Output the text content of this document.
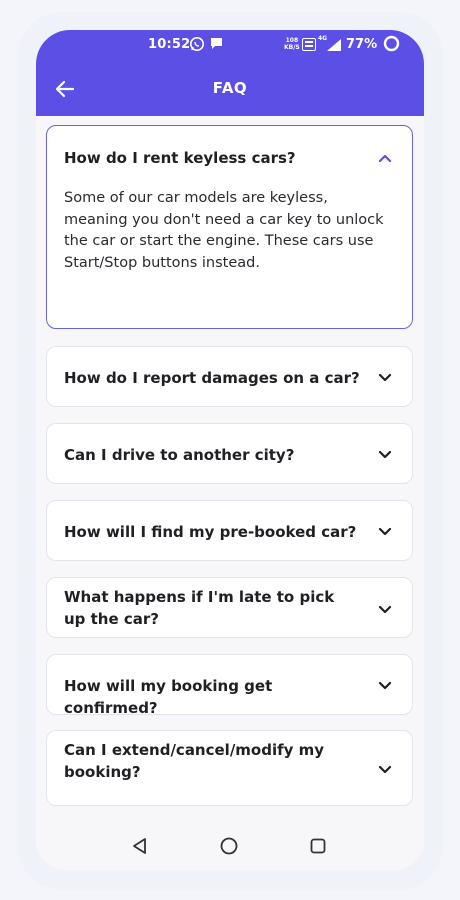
10:52	108
KB/S
4G 77%
FAQ
How do I rent keyless cars?
Some of our car models are keyless, meaning you don't need a car key to unlock the car or start the engine. These cars use Start/Stop buttons instead.
How do I report damages on a car?
Can I drive to another city?
How will I find my pre-booked car?
What happens if I'm late to pick up the car?
How will my booking get confirmed?
Can I extend/cancel/modify my booking?
